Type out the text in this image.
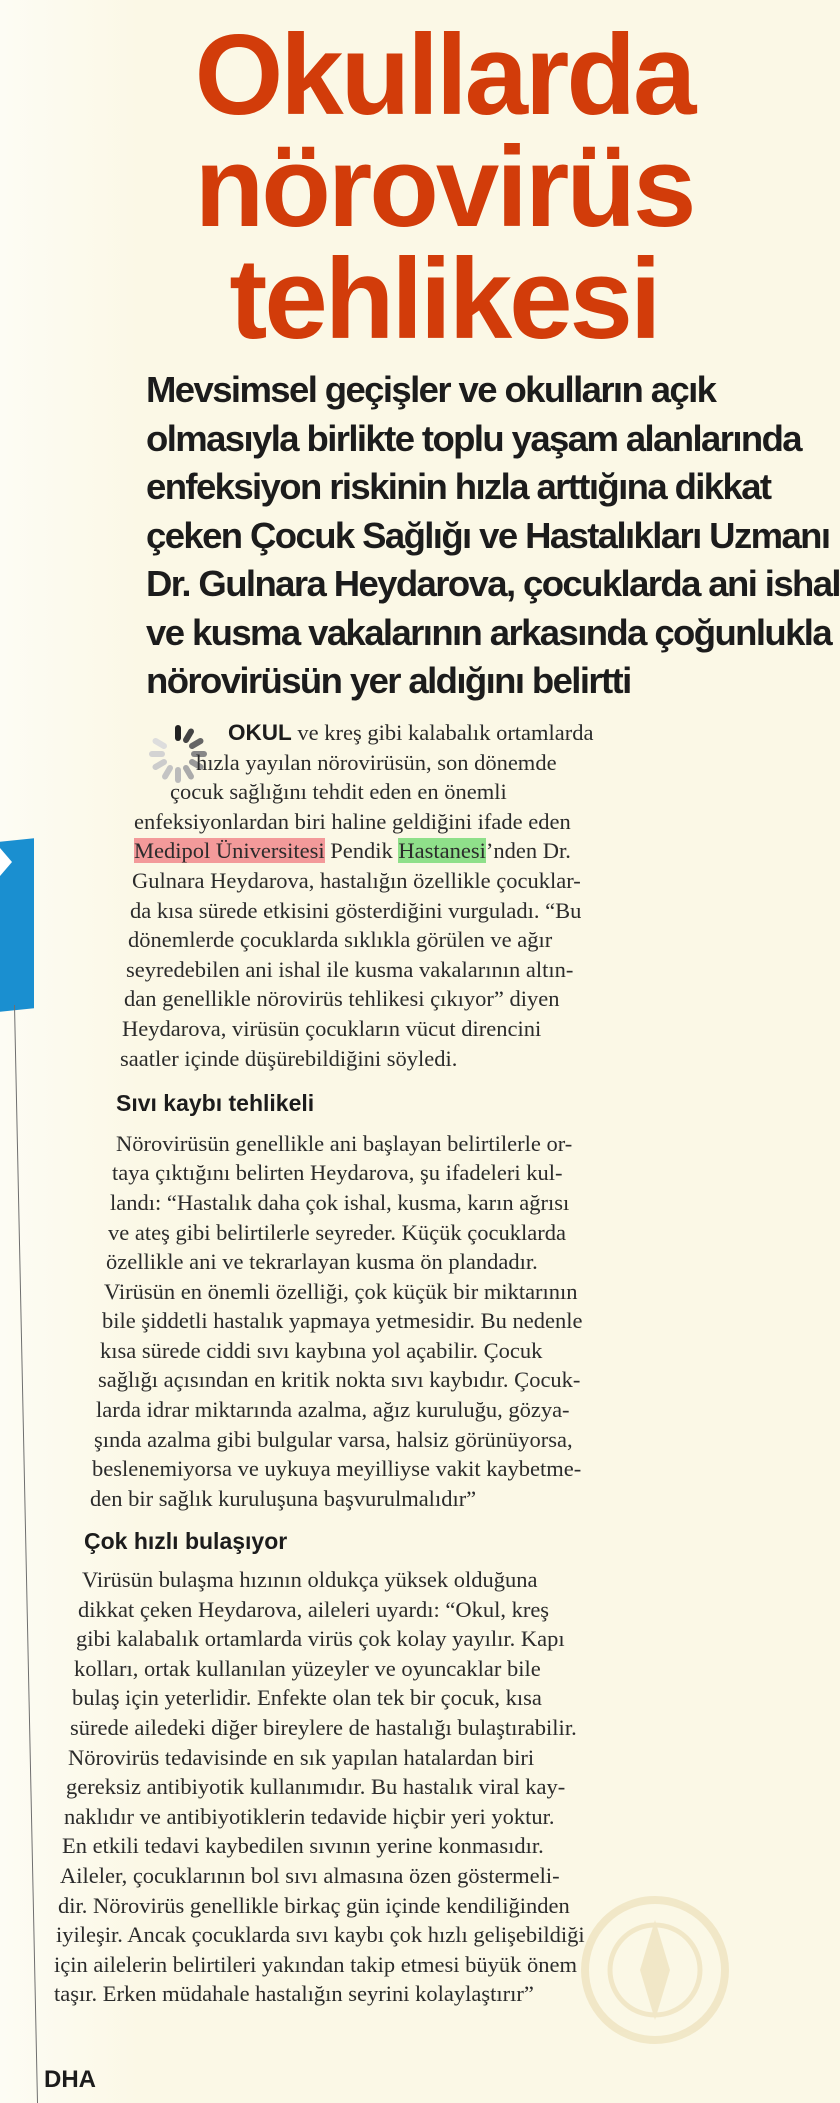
Okullarda
nörovirüs
tehlikesi
Mevsimsel geçişler ve okulların açık
olmasıyla birlikte toplu yaşam alanlarında
enfeksiyon riskinin hızla arttığına dikkat
çeken Çocuk Sağlığı ve Hastalıkları Uzmanı
Dr. Gulnara Heydarova, çocuklarda ani ishal
ve kusma vakalarının arkasında çoğunlukla
nörovirüsün yer aldığını belirtti
OKUL ve kreş gibi kalabalık ortamlarda
hızla yayılan nörovirüsün, son dönemde
çocuk sağlığını tehdit eden en önemli
enfeksiyonlardan biri haline geldiğini ifade eden
Medipol Üniversitesi Pendik Hastanesi’nden Dr.
Gulnara Heydarova, hastalığın özellikle çocuklar-
da kısa sürede etkisini gösterdiğini vurguladı. “Bu
dönemlerde çocuklarda sıklıkla görülen ve ağır
seyredebilen ani ishal ile kusma vakalarının altın-
dan genellikle nörovirüs tehlikesi çıkıyor” diyen
Heydarova, virüsün çocukların vücut direncini
saatler içinde düşürebildiğini söyledi.
Sıvı kaybı tehlikeli
Nörovirüsün genellikle ani başlayan belirtilerle or-
taya çıktığını belirten Heydarova, şu ifadeleri kul-
landı: “Hastalık daha çok ishal, kusma, karın ağrısı
ve ateş gibi belirtilerle seyreder. Küçük çocuklarda
özellikle ani ve tekrarlayan kusma ön plandadır.
Virüsün en önemli özelliği, çok küçük bir miktarının
bile şiddetli hastalık yapmaya yetmesidir. Bu nedenle
kısa sürede ciddi sıvı kaybına yol açabilir. Çocuk
sağlığı açısından en kritik nokta sıvı kaybıdır. Çocuk-
larda idrar miktarında azalma, ağız kuruluğu, gözya-
şında azalma gibi bulgular varsa, halsiz görünüyorsa,
beslenemiyorsa ve uykuya meyilliyse vakit kaybetme-
den bir sağlık kuruluşuna başvurulmalıdır”
Çok hızlı bulaşıyor
Virüsün bulaşma hızının oldukça yüksek olduğuna
dikkat çeken Heydarova, aileleri uyardı: “Okul, kreş
gibi kalabalık ortamlarda virüs çok kolay yayılır. Kapı
kolları, ortak kullanılan yüzeyler ve oyuncaklar bile
bulaş için yeterlidir. Enfekte olan tek bir çocuk, kısa
sürede ailedeki diğer bireylere de hastalığı bulaştırabilir.
Nörovirüs tedavisinde en sık yapılan hatalardan biri
gereksiz antibiyotik kullanımıdır. Bu hastalık viral kay-
naklıdır ve antibiyotiklerin tedavide hiçbir yeri yoktur.
En etkili tedavi kaybedilen sıvının yerine konmasıdır.
Aileler, çocuklarının bol sıvı almasına özen göstermeli-
dir. Nörovirüs genellikle birkaç gün içinde kendiliğinden
iyileşir. Ancak çocuklarda sıvı kaybı çok hızlı gelişebildiği
için ailelerin belirtileri yakından takip etmesi büyük önem
taşır. Erken müdahale hastalığın seyrini kolaylaştırır”
DHA
